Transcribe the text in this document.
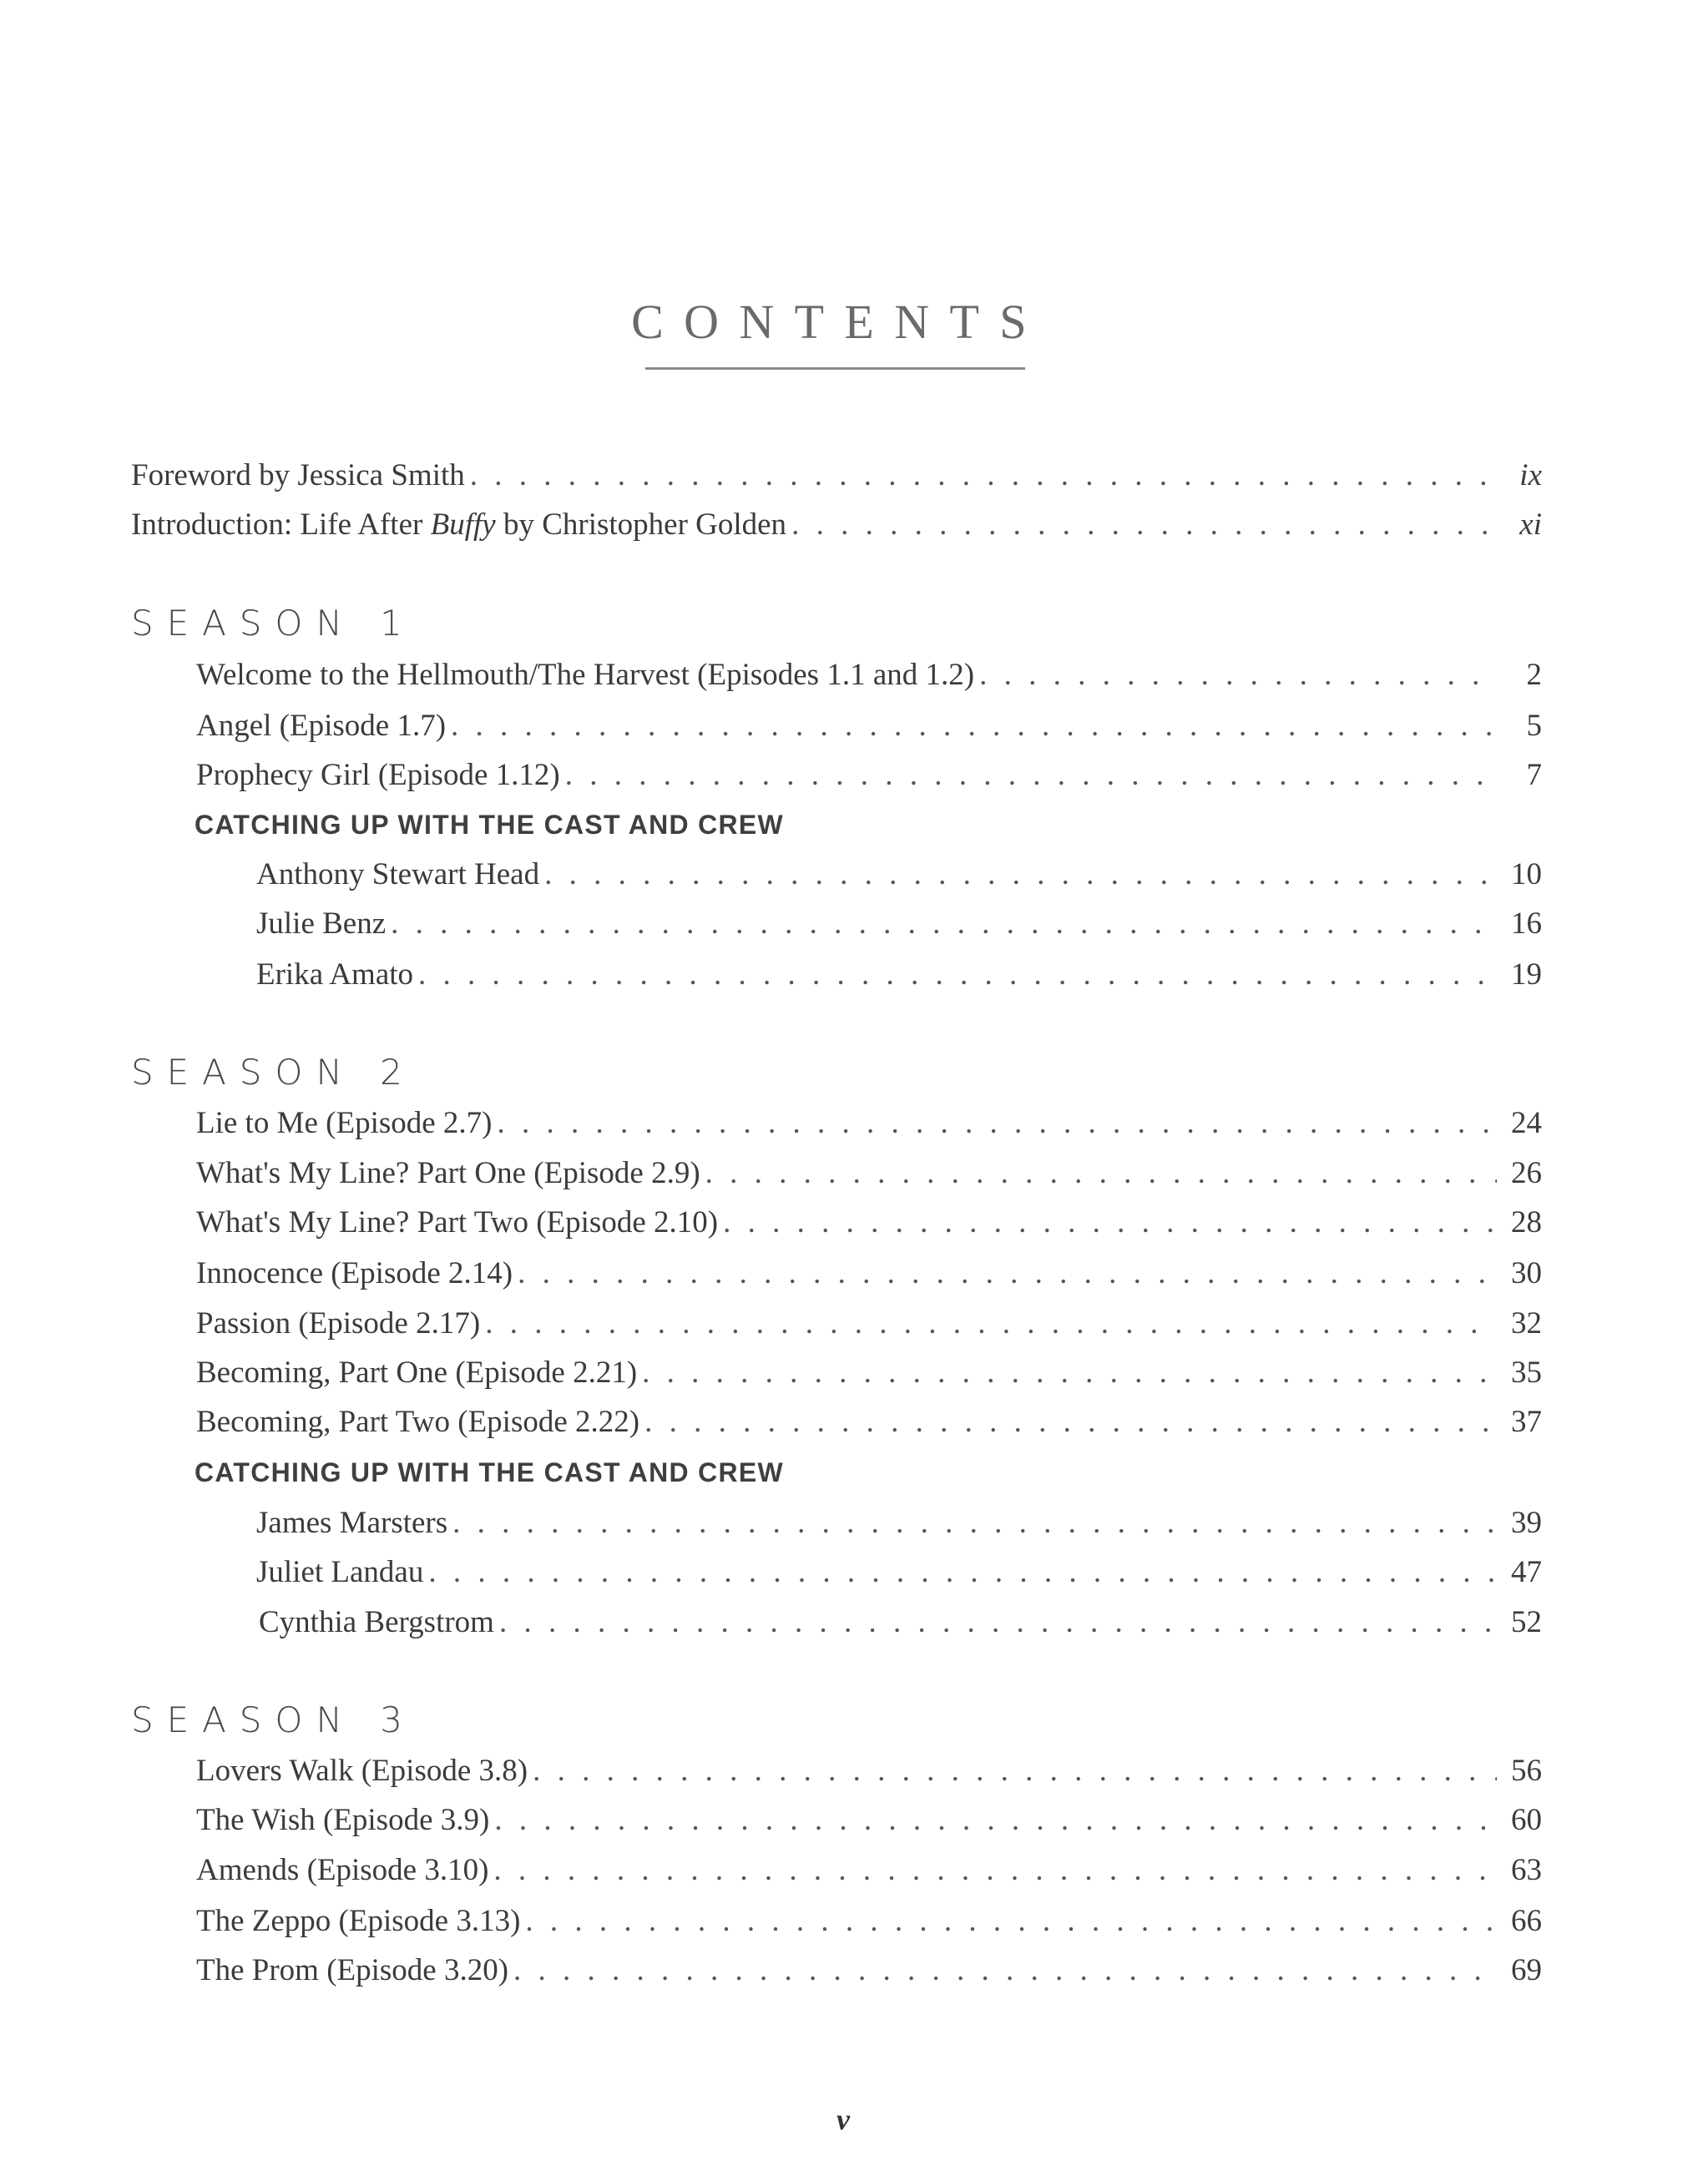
CONTENTS
Foreword by Jessica Smith . . .	ix
Introduction: Life After Buffy by Christopher Golden . . .	xi
SEASON 1
Welcome to the Hellmouth/The Harvest (Episodes 1.1 and 1.2) . . .	2
Angel (Episode 1.7) . . .	5
Prophecy Girl (Episode 1.12) . . .	7
CATCHING UP WITH THE CAST AND CREW
Anthony Stewart Head . . .	10
Julie Benz . . .	16
Erika Amato . . .	19
SEASON 2
Lie to Me (Episode 2.7) . . .	24
What's My Line? Part One (Episode 2.9) . . .	26
What's My Line? Part Two (Episode 2.10) . . .	28
Innocence (Episode 2.14) . . .	30
Passion (Episode 2.17) . . .	32
Becoming, Part One (Episode 2.21) . . .	35
Becoming, Part Two (Episode 2.22) . . .	37
CATCHING UP WITH THE CAST AND CREW
James Marsters . . .	39
Juliet Landau . . .	47
Cynthia Bergstrom . . .	52
SEASON 3
Lovers Walk (Episode 3.8) . . .	56
The Wish (Episode 3.9) . . .	60
Amends (Episode 3.10) . . .	63
The Zeppo (Episode 3.13) . . .	66
The Prom (Episode 3.20) . . .	69
v
